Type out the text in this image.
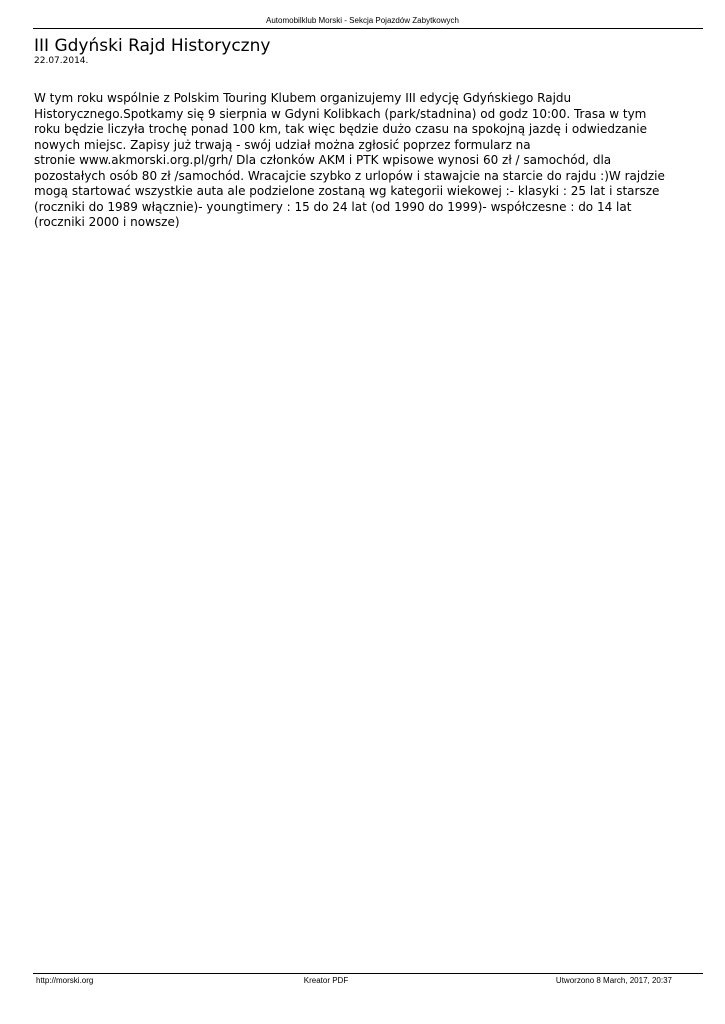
Automobilklub Morski - Sekcja Pojazdów Zabytkowych
III Gdyński Rajd Historyczny
22.07.2014.
W tym roku wspólnie z Polskim Touring Klubem organizujemy III edycję Gdyńskiego Rajdu
Historycznego.Spotkamy się 9 sierpnia w Gdyni Kolibkach (park/stadnina) od godz 10:00. Trasa w tym
roku będzie liczyła trochę ponad 100 km, tak więc będzie dużo czasu na spokojną jazdę i odwiedzanie
nowych miejsc. Zapisy już trwają - swój udział można zgłosić poprzez formularz na
stronie www.akmorski.org.pl/grh/ Dla członków AKM i PTK wpisowe wynosi 60 zł / samochód, dla
pozostałych osób 80 zł /samochód. Wracajcie szybko z urlopów i stawajcie na starcie do rajdu :)W rajdzie
mogą startować wszystkie auta ale podzielone zostaną wg kategorii wiekowej :- klasyki : 25 lat i starsze
(roczniki do 1989 włącznie)- youngtimery : 15 do 24 lat (od 1990 do 1999)- współczesne : do 14 lat
(roczniki 2000 i nowsze)
http://morski.org	Kreator PDF	Utworzono 8 March, 2017, 20:37
